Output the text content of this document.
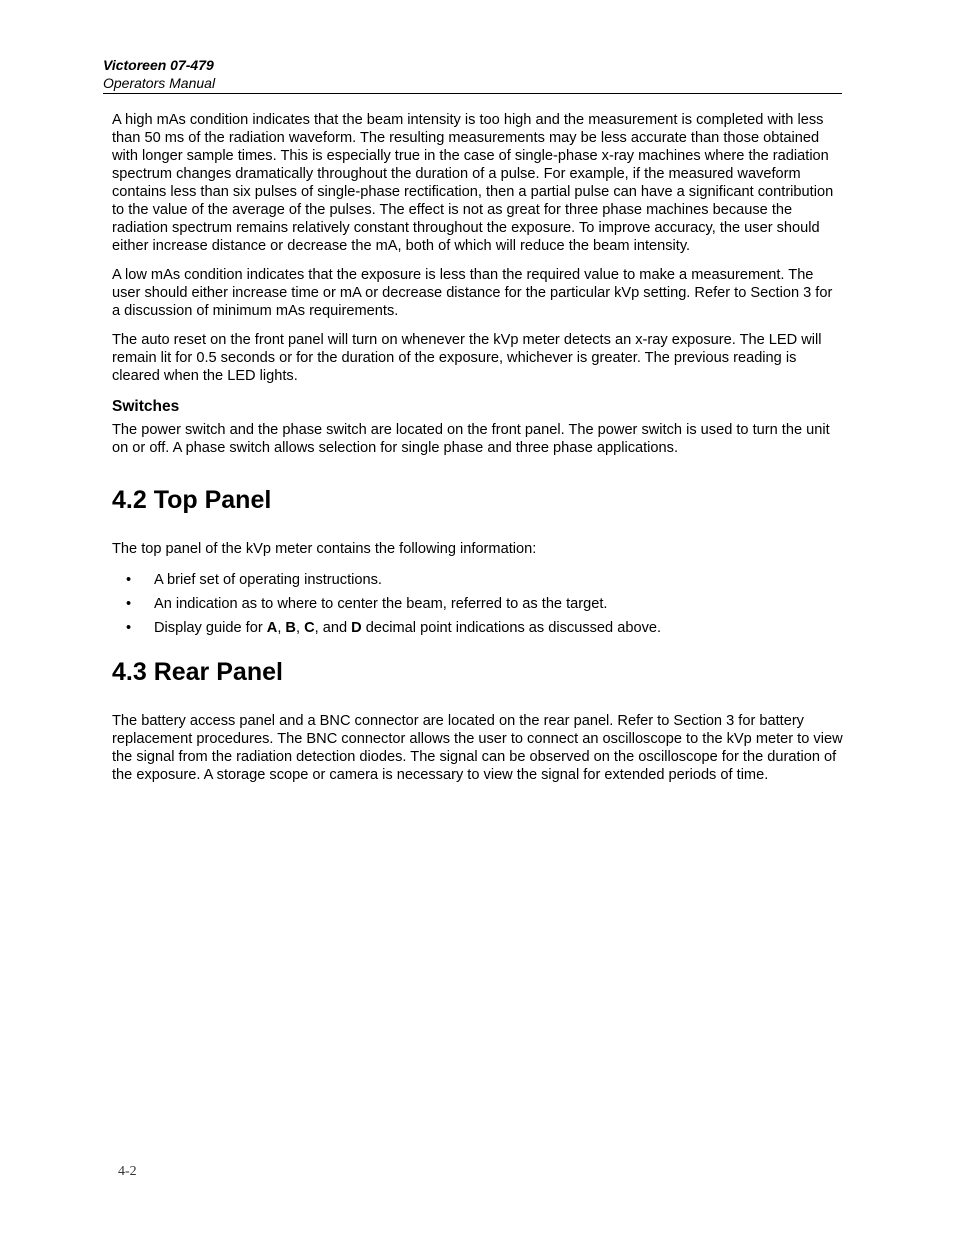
Victoreen 07-479
Operators Manual

A high mAs condition indicates that the beam intensity is too high and the measurement is completed with less than 50 ms of the radiation waveform. The resulting measurements may be less accurate than those obtained with longer sample times. This is especially true in the case of single-phase x-ray machines where the radiation spectrum changes dramatically throughout the duration of a pulse. For example, if the measured waveform contains less than six pulses of single-phase rectification, then a partial pulse can have a significant contribution to the value of the average of the pulses. The effect is not as great for three phase machines because the radiation spectrum remains relatively constant throughout the exposure. To improve accuracy, the user should either increase distance or decrease the mA, both of which will reduce the beam intensity.

A low mAs condition indicates that the exposure is less than the required value to make a measurement. The user should either increase time or mA or decrease distance for the particular kVp setting. Refer to Section 3 for a discussion of minimum mAs requirements.

The auto reset on the front panel will turn on whenever the kVp meter detects an x-ray exposure. The LED will remain lit for 0.5 seconds or for the duration of the exposure, whichever is greater. The previous reading is cleared when the LED lights.

Switches

The power switch and the phase switch are located on the front panel. The power switch is used to turn the unit on or off. A phase switch allows selection for single phase and three phase applications.

4.2 Top Panel

The top panel of the kVp meter contains the following information:

• A brief set of operating instructions.
• An indication as to where to center the beam, referred to as the target.
• Display guide for A, B, C, and D decimal point indications as discussed above.
4.3 Rear Panel

The battery access panel and a BNC connector are located on the rear panel. Refer to Section 3 for battery replacement procedures. The BNC connector allows the user to connect an oscilloscope to the kVp meter to view the signal from the radiation detection diodes. The signal can be observed on the oscilloscope for the duration of the exposure. A storage scope or camera is necessary to view the signal for extended periods of time.

4-2
